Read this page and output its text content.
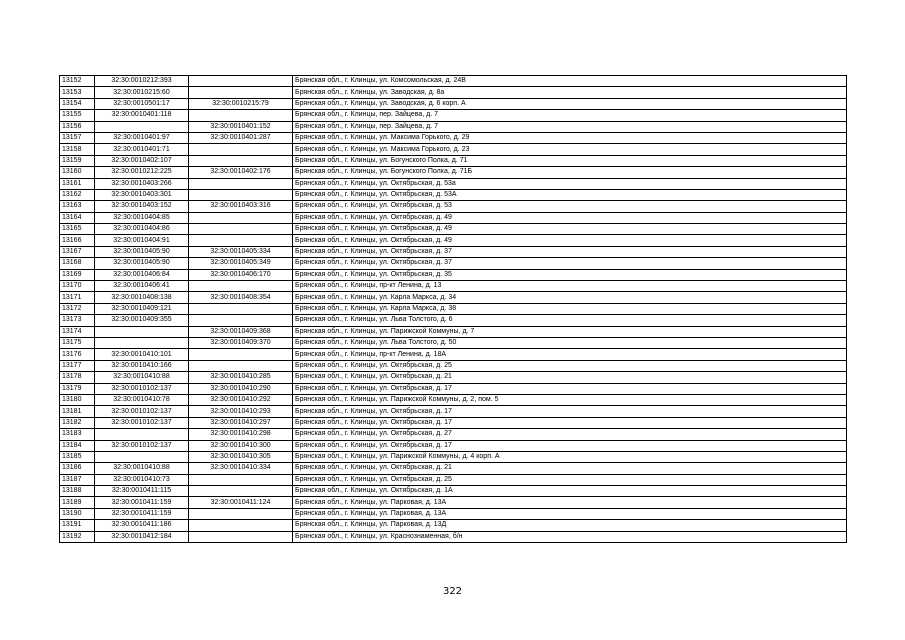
13152	32:30:0010212:393		Брянская обл., г. Клинцы, ул. Комсомольская, д. 24В
13153	32:30:0010215:60		Брянская обл., г. Клинцы, ул. Заводская, д. 8а
13154	32:30:0010501:17	32:30:0010215:79	Брянская обл., г. Клинцы, ул. Заводская, д. 6 корп. А
13155	32:30:0010401:118		Брянская обл., г. Клинцы, пер. Зайцева, д. 7
13156		32:30:0010401:152	Брянская обл., г. Клинцы, пер. Зайцева, д. 7
13157	32:30:0010401:97	32:30:0010401:287	Брянская обл., г. Клинцы, ул. Максима Горького, д. 29
13158	32:30:0010401:71		Брянская обл., г. Клинцы, ул. Максима Горького, д. 23
13159	32:30:0010402:107		Брянская обл., г. Клинцы, ул. Богунского Полка, д. 71
13160	32:30:0010212:225	32:30:0010402:176	Брянская обл., г. Клинцы, ул. Богунского Полка, д. 71Б
13161	32:30:0010403:266		Брянская обл., г. Клинцы, ул. Октябрьская, д. 53а
13162	32:30:0010403:301		Брянская обл., г. Клинцы, ул. Октябрьская, д. 53А
13163	32:30:0010403:152	32:30:0010403:316	Брянская обл., г. Клинцы, ул. Октябрьская, д. 53
13164	32:30:0010404:85		Брянская обл., г. Клинцы, ул. Октябрьская, д. 49
13165	32:30:0010404:86		Брянская обл., г. Клинцы, ул. Октябрьская, д. 49
13166	32:30:0010404:91		Брянская обл., г. Клинцы, ул. Октябрьская, д. 49
13167	32:30:0010405:90	32:30:0010405:334	Брянская обл., г. Клинцы, ул. Октябрьская, д. 37
13168	32:30:0010405:90	32:30:0010405:349	Брянская обл., г. Клинцы, ул. Октябрьская, д. 37
13169	32:30:0010406:84	32:30:0010406:170	Брянская обл., г. Клинцы, ул. Октябрьская, д. 35
13170	32:30:0010406:41		Брянская обл., г. Клинцы, пр-кт Ленина, д. 13
13171	32:30:0010408:138	32:30:0010408:354	Брянская обл., г. Клинцы, ул. Карла Маркса, д. 34
13172	32:30:0010409:121		Брянская обл., г. Клинцы, ул. Карла Маркса, д. 38
13173	32:30:0010409:355		Брянская обл., г. Клинцы, ул. Льва Толстого, д. 6
13174		32:30:0010409:368	Брянская обл., г. Клинцы, ул. Парижской Коммуны, д. 7
13175		32:30:0010409:370	Брянская обл., г. Клинцы, ул. Льва Толстого, д. 50
13176	32:30:0010410:101		Брянская обл., г. Клинцы, пр-кт Ленина, д. 18А
13177	32:30:0010410:166		Брянская обл., г. Клинцы, ул. Октябрьская, д. 25
13178	32:30:0010410:88	32:30:0010410:285	Брянская обл., г. Клинцы, ул. Октябрьская, д. 21
13179	32:30:0010102:137	32:30:0010410:290	Брянская обл., г. Клинцы, ул. Октябрьская, д. 17
13180	32:30:0010410:78	32:30:0010410:292	Брянская обл., г. Клинцы, ул. Парижской Коммуны, д. 2, пом. 5
13181	32:30:0010102:137	32:30:0010410:293	Брянская обл., г. Клинцы, ул. Октябрьская, д. 17
13182	32:30:0010102:137	32:30:0010410:297	Брянская обл., г. Клинцы, ул. Октябрьская, д. 17
13183		32:30:0010410:298	Брянская обл., г. Клинцы, ул. Октябрьская, д. 27
13184	32:30:0010102:137	32:30:0010410:300	Брянская обл., г. Клинцы, ул. Октябрьская, д. 17
13185		32:30:0010410:305	Брянская обл., г. Клинцы, ул. Парижской Коммуны, д. 4 корп. А
13186	32:30:0010410:88	32:30:0010410:334	Брянская обл., г. Клинцы, ул. Октябрьская, д. 21
13187	32:30:0010410:73		Брянская обл., г. Клинцы, ул. Октябрьская, д. 25
13188	32:30:0010411:115		Брянская обл., г. Клинцы, ул. Октябрьская, д. 1А
13189	32:30:0010411:159	32:30:0010411:124	Брянская обл., г. Клинцы, ул. Парковая, д. 13А
13190	32:30:0010411:159		Брянская обл., г. Клинцы, ул. Парковая, д. 13А
13191	32:30:0010411:186		Брянская обл., г. Клинцы, ул. Парковая, д. 13Д
13192	32:30:0010412:184		Брянская обл., г. Клинцы, ул. Краснознаменная, б/н
322
